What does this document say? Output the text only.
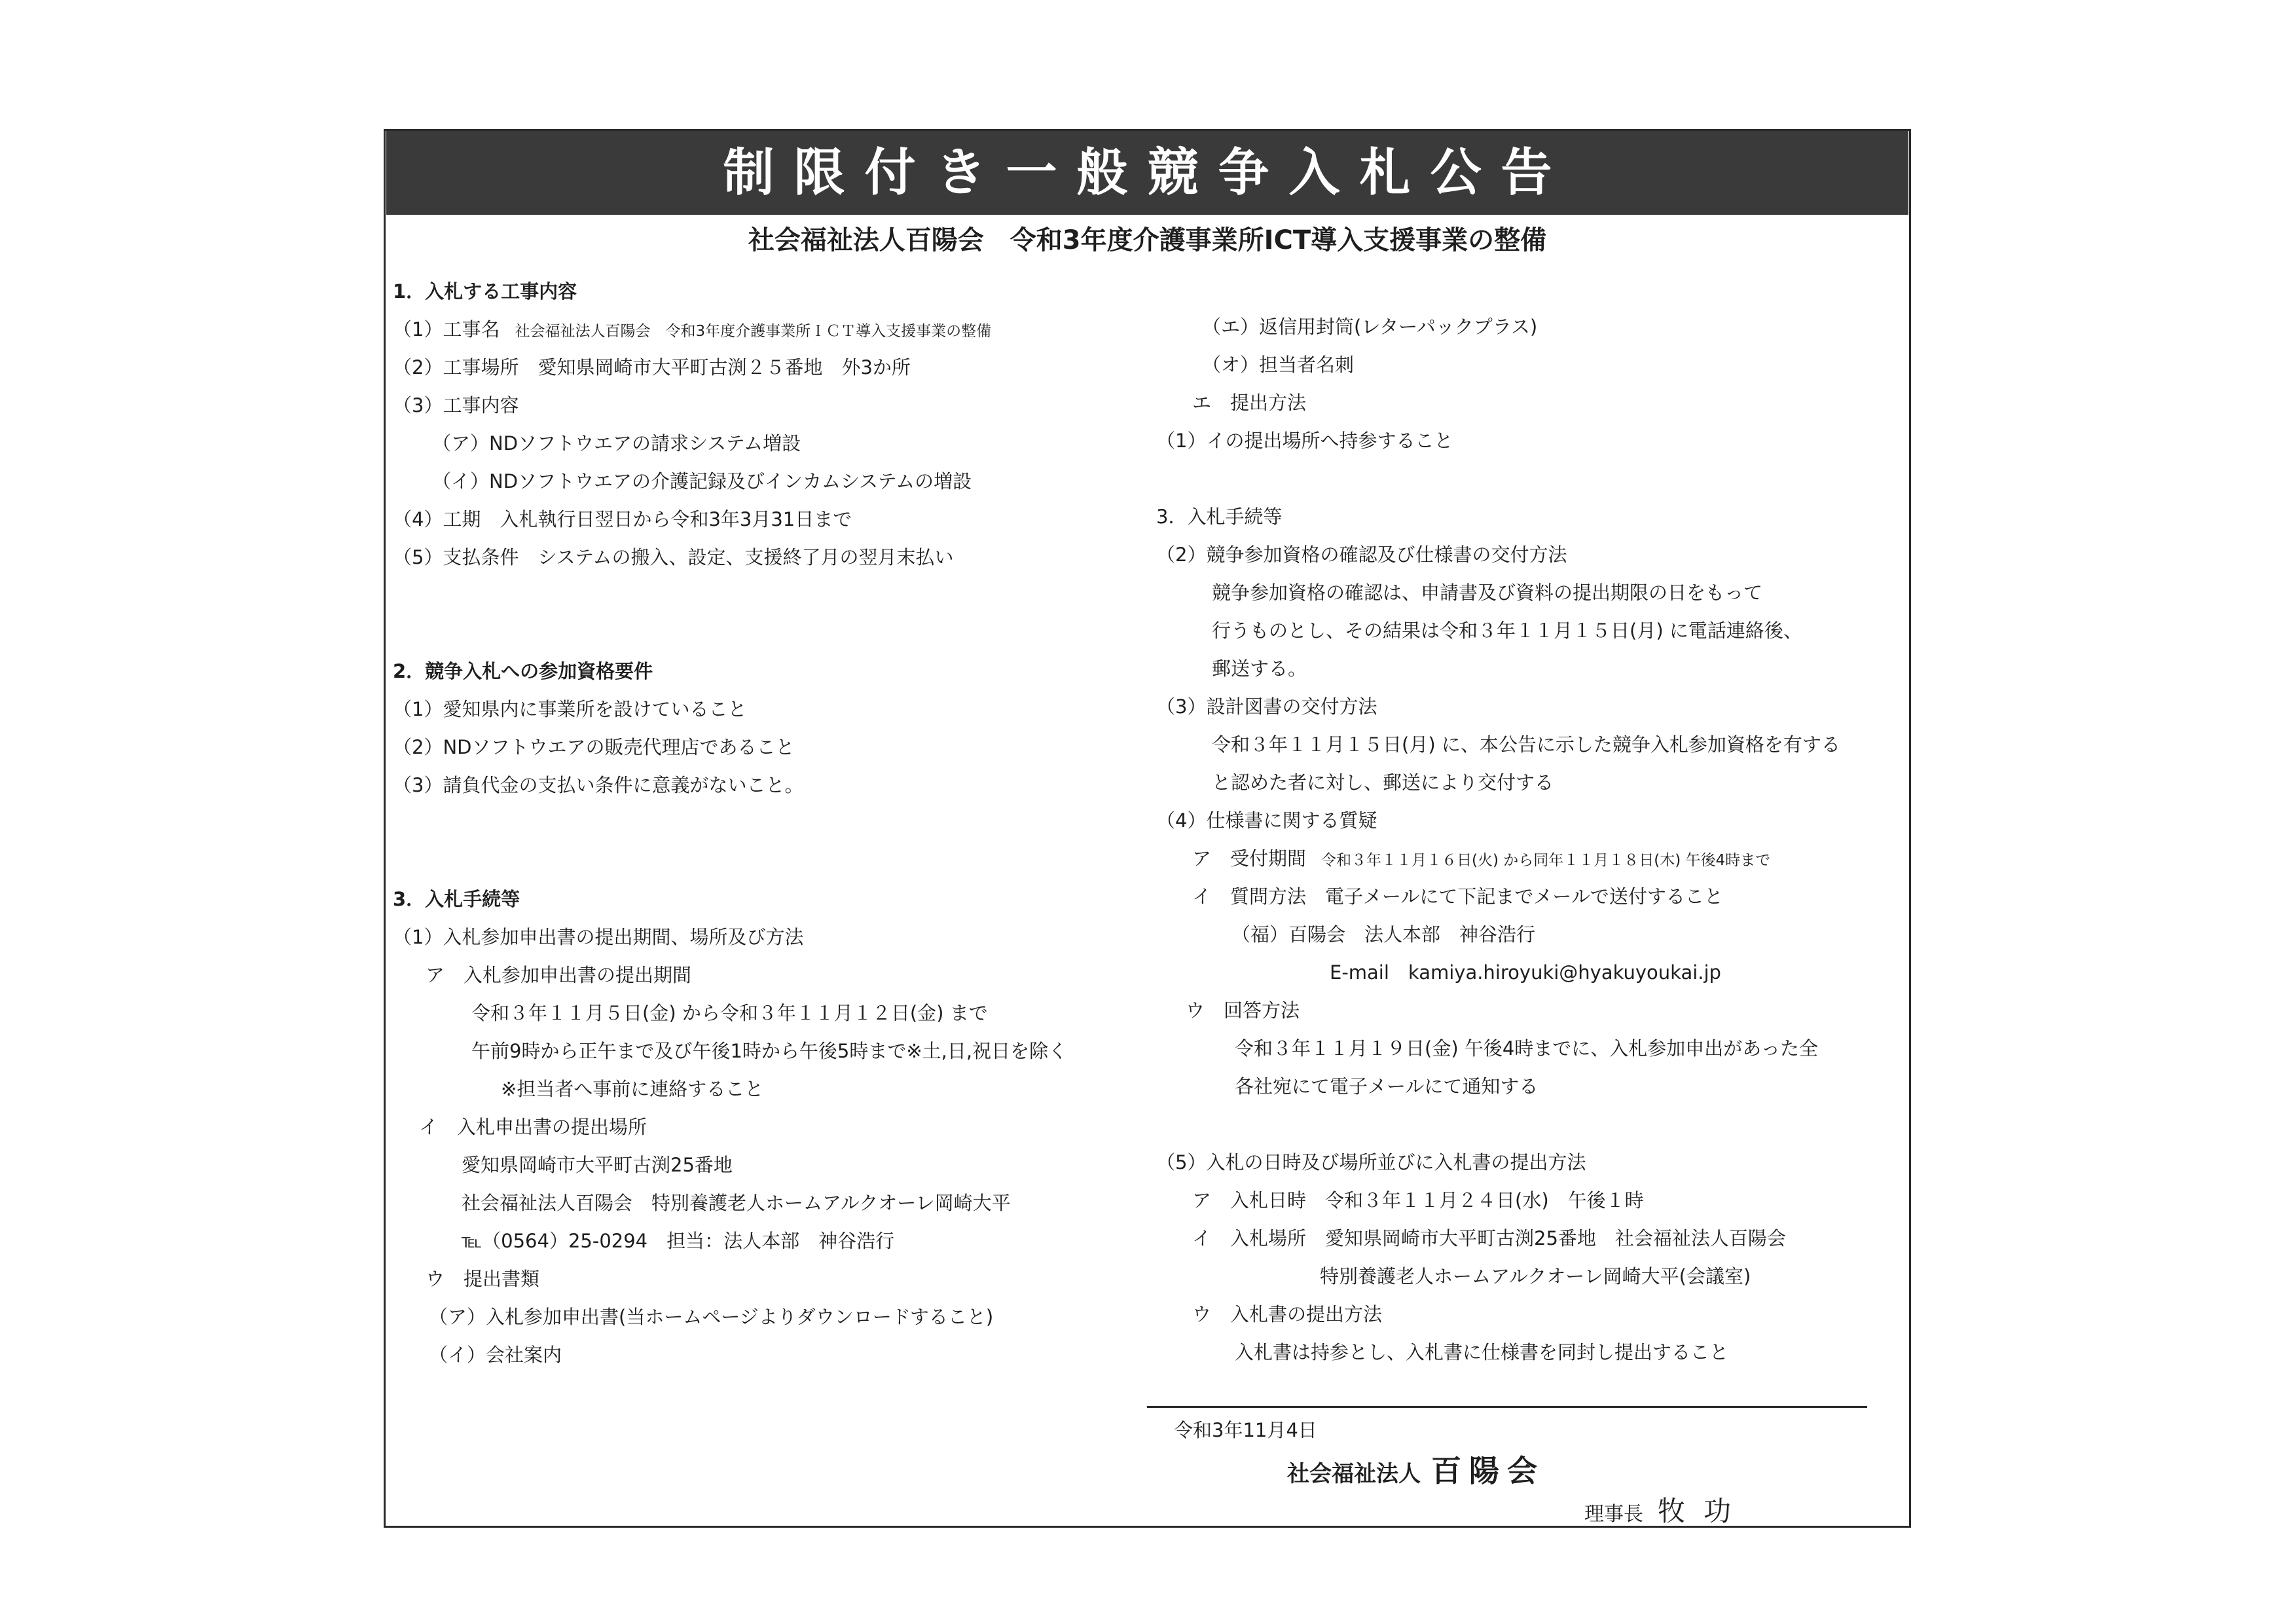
制限付き一般競争入札公告
社会福祉法人百陽会　令和3年度介護事業所ICT導入支援事業の整備
1．入札する工事内容
（1）工事名　社会福祉法人百陽会　令和3年度介護事業所ＩＣＴ導入支援事業の整備
（2）工事場所　愛知県岡崎市大平町古渕２５番地　外3か所
（3）工事内容
（ア）NDソフトウエアの請求システム増設
（イ）NDソフトウエアの介護記録及びインカムシステムの増設
（4）工期　入札執行日翌日から令和3年3月31日まで
（5）支払条件　システムの搬入、設定、支援終了月の翌月末払い
2．競争入札への参加資格要件
（1）愛知県内に事業所を設けていること
（2）NDソフトウエアの販売代理店であること
（3）請負代金の支払い条件に意義がないこと。
3．入札手続等
（1）入札参加申出書の提出期間、場所及び方法
ア　入札参加申出書の提出期間
令和３年１１月５日(金) から令和３年１１月１２日(金) まで
午前9時から正午まで及び午後1時から午後5時まで※土,日,祝日を除く
※担当者へ事前に連絡すること
イ　入札申出書の提出場所
愛知県岡崎市大平町古渕25番地
社会福祉法人百陽会　特別養護老人ホームアルクオーレ岡崎大平
℡（0564）25-0294　担当：法人本部　神谷浩行
ウ　提出書類
（ア）入札参加申出書(当ホームページよりダウンロードすること)
（イ）会社案内
（エ）返信用封筒(レターパックプラス)
（オ）担当者名刺
エ　提出方法
（1）イの提出場所へ持参すること
3．入札手続等
（2）競争参加資格の確認及び仕様書の交付方法
競争参加資格の確認は、申請書及び資料の提出期限の日をもって
行うものとし、その結果は令和３年１１月１５日(月) に電話連絡後、
郵送する。
（3）設計図書の交付方法
令和３年１１月１５日(月) に、本公告に示した競争入札参加資格を有する
と認めた者に対し、郵送により交付する
（4）仕様書に関する質疑
ア　受付期間　令和３年１１月１６日(火) から同年１１月１８日(木) 午後4時まで
イ　質問方法　電子メールにて下記までメールで送付すること
（福）百陽会　法人本部　神谷浩行
E-mail　kamiya.hiroyuki@hyakuyoukai.jp
ウ　回答方法
令和３年１１月１９日(金) 午後4時までに、入札参加申出があった全
各社宛にて電子メールにて通知する
（5）入札の日時及び場所並びに入札書の提出方法
ア　入札日時　令和３年１１月２４日(水)　午後１時
イ　入札場所　愛知県岡崎市大平町古渕25番地　社会福祉法人百陽会
特別養護老人ホームアルクオーレ岡崎大平(会議室)
ウ　入札書の提出方法
入札書は持参とし、入札書に仕様書を同封し提出すること
令和3年11月4日
社会福祉法人 百陽会
理事長 牧功
